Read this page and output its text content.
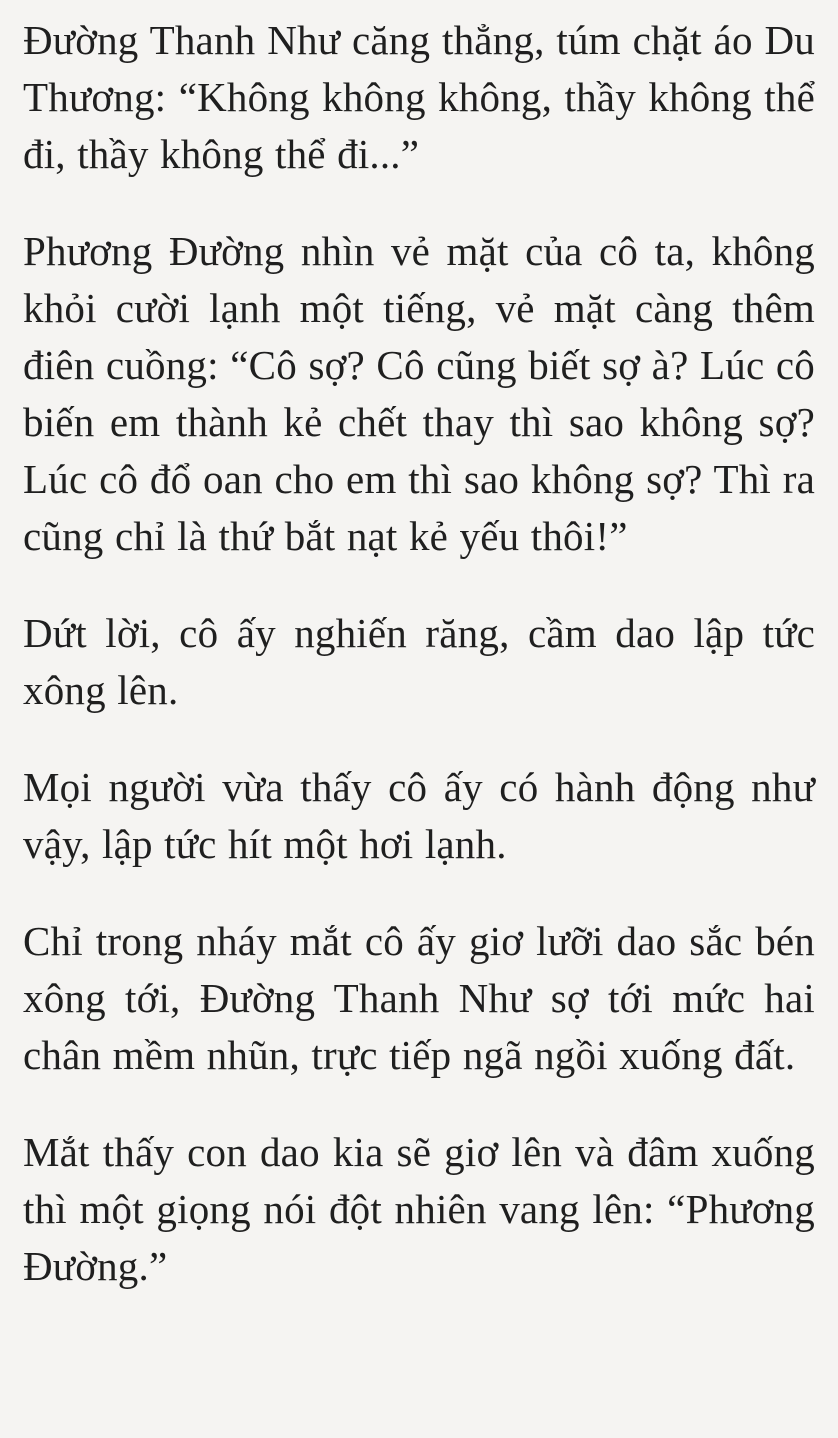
Đường Thanh Như căng thẳng, túm chặt áo Du Thương: “Không không không, thầy không thể đi, thầy không thể đi...”

Phương Đường nhìn vẻ mặt của cô ta, không khỏi cười lạnh một tiếng, vẻ mặt càng thêm điên cuồng: “Cô sợ? Cô cũng biết sợ à? Lúc cô biến em thành kẻ chết thay thì sao không sợ? Lúc cô đổ oan cho em thì sao không sợ? Thì ra cũng chỉ là thứ bắt nạt kẻ yếu thôi!”

Dứt lời, cô ấy nghiến răng, cầm dao lập tức xông lên.

Mọi người vừa thấy cô ấy có hành động như vậy, lập tức hít một hơi lạnh.

Chỉ trong nháy mắt cô ấy giơ lưỡi dao sắc bén xông tới, Đường Thanh Như sợ tới mức hai chân mềm nhũn, trực tiếp ngã ngồi xuống đất.

Mắt thấy con dao kia sẽ giơ lên và đâm xuống thì một giọng nói đột nhiên vang lên: “Phương Đường.”
